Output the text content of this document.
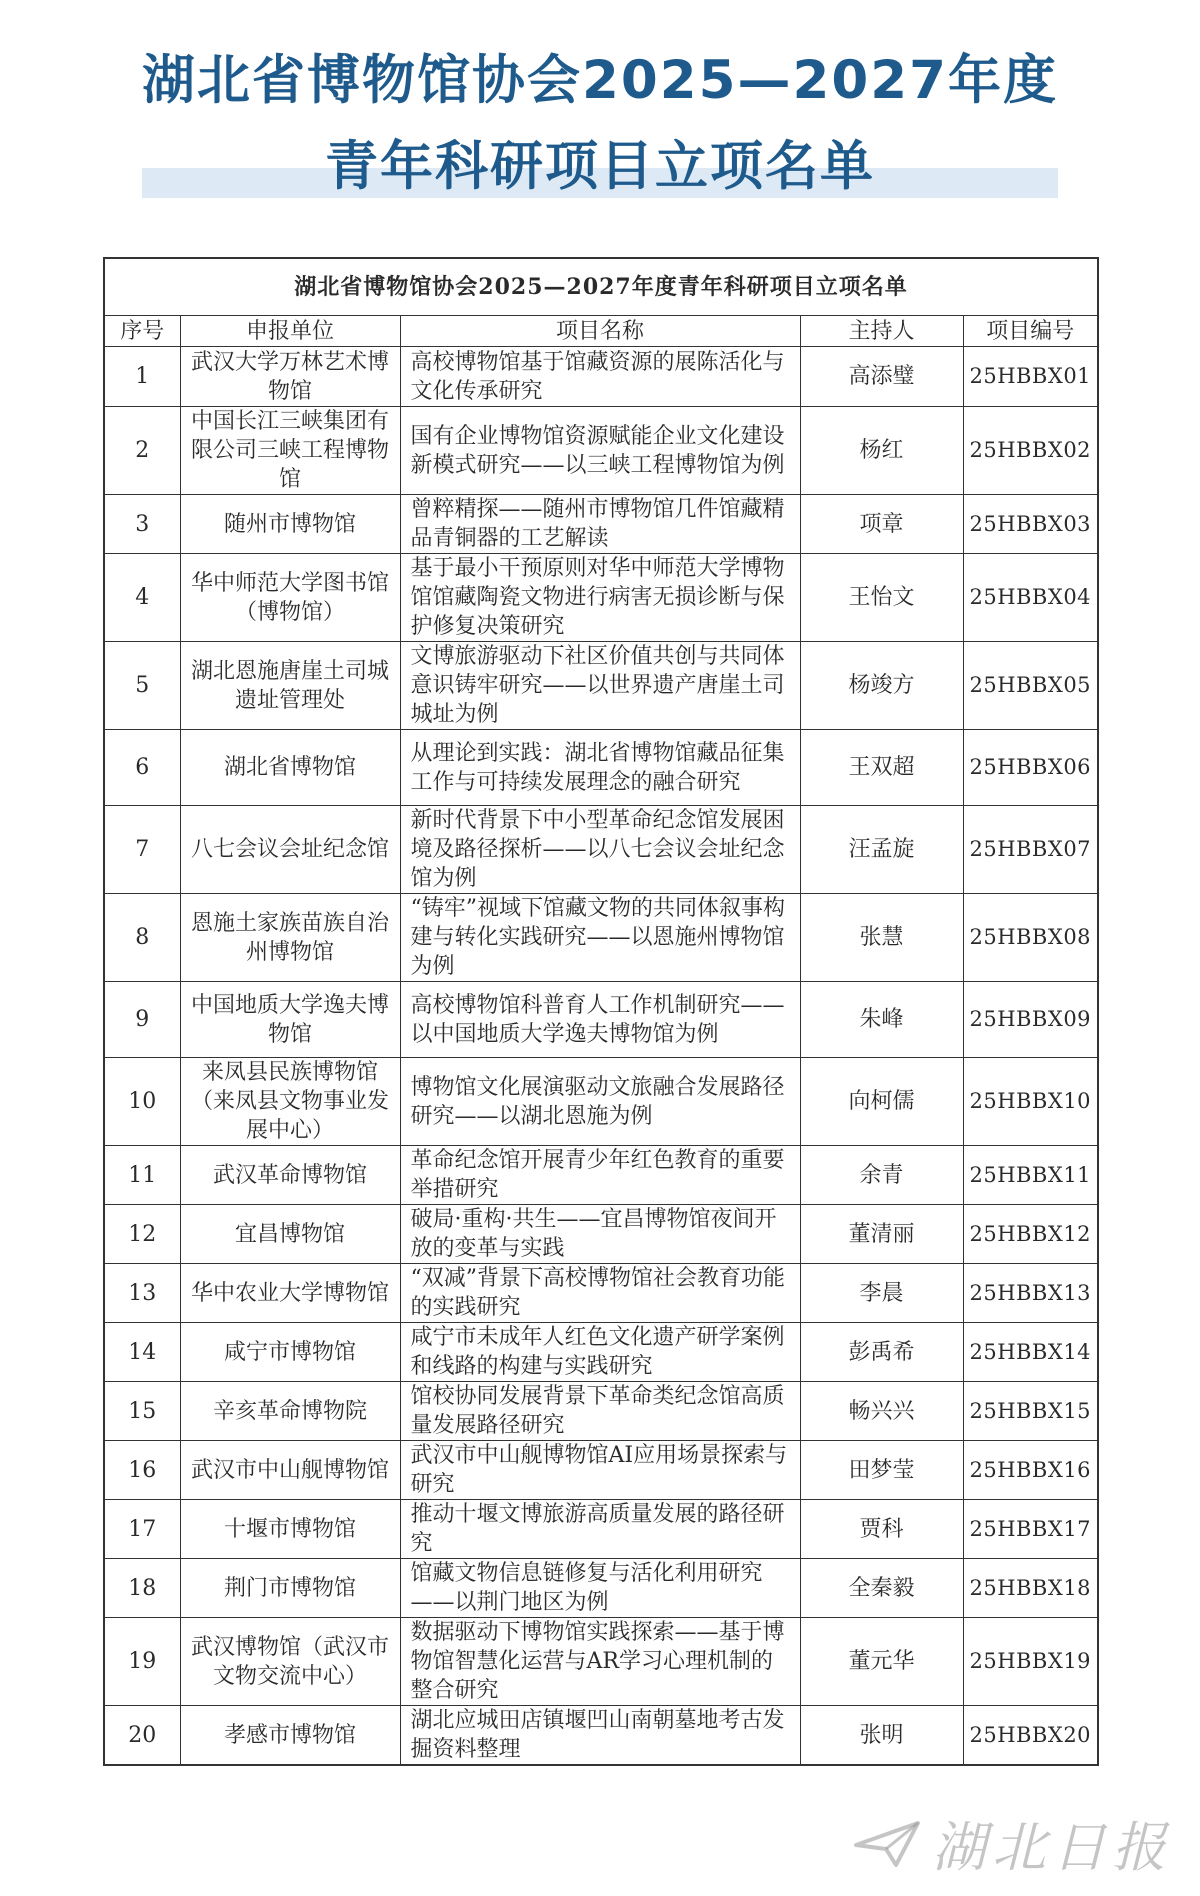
湖北省博物馆协会2025—2027年度
青年科研项目立项名单
湖北省博物馆协会2025—2027年度青年科研项目立项名单				
序号	申报单位	项目名称	主持人	项目编号
1	武汉大学万林艺术博物馆	高校博物馆基于馆藏资源的展陈活化与文化传承研究	高添璧	25HBBX01
2	中国长江三峡集团有限公司三峡工程博物馆	国有企业博物馆资源赋能企业文化建设新模式研究——以三峡工程博物馆为例	杨红	25HBBX02
3	随州市博物馆	曾粹精探——随州市博物馆几件馆藏精品青铜器的工艺解读	项章	25HBBX03
4	华中师范大学图书馆（博物馆）	基于最小干预原则对华中师范大学博物馆馆藏陶瓷文物进行病害无损诊断与保护修复决策研究	王怡文	25HBBX04
5	湖北恩施唐崖土司城遗址管理处	文博旅游驱动下社区价值共创与共同体意识铸牢研究——以世界遗产唐崖土司城址为例	杨竣方	25HBBX05
6	湖北省博物馆	从理论到实践：湖北省博物馆藏品征集工作与可持续发展理念的融合研究	王双超	25HBBX06
7	八七会议会址纪念馆	新时代背景下中小型革命纪念馆发展困境及路径探析——以八七会议会址纪念馆为例	汪孟旋	25HBBX07
8	恩施土家族苗族自治州博物馆	“铸牢”视域下馆藏文物的共同体叙事构建与转化实践研究——以恩施州博物馆为例	张慧	25HBBX08
9	中国地质大学逸夫博物馆	高校博物馆科普育人工作机制研究——以中国地质大学逸夫博物馆为例	朱峰	25HBBX09
10	来凤县民族博物馆（来凤县文物事业发展中心）	博物馆文化展演驱动文旅融合发展路径研究——以湖北恩施为例	向柯儒	25HBBX10
11	武汉革命博物馆	革命纪念馆开展青少年红色教育的重要举措研究	余青	25HBBX11
12	宜昌博物馆	破局·重构·共生——宜昌博物馆夜间开放的变革与实践	董清丽	25HBBX12
13	华中农业大学博物馆	“双减”背景下高校博物馆社会教育功能的实践研究	李晨	25HBBX13
14	咸宁市博物馆	咸宁市未成年人红色文化遗产研学案例和线路的构建与实践研究	彭禹希	25HBBX14
15	辛亥革命博物院	馆校协同发展背景下革命类纪念馆高质量发展路径研究	畅兴兴	25HBBX15
16	武汉市中山舰博物馆	武汉市中山舰博物馆AI应用场景探索与研究	田梦莹	25HBBX16
17	十堰市博物馆	推动十堰文博旅游高质量发展的路径研究	贾科	25HBBX17
18	荆门市博物馆	馆藏文物信息链修复与活化利用研究——以荆门地区为例	全秦毅	25HBBX18
19	武汉博物馆（武汉市文物交流中心）	数据驱动下博物馆实践探索——基于博物馆智慧化运营与AR学习心理机制的整合研究	董元华	25HBBX19
20	孝感市博物馆	湖北应城田店镇堰凹山南朝墓地考古发掘资料整理	张明	25HBBX20
湖北日报
